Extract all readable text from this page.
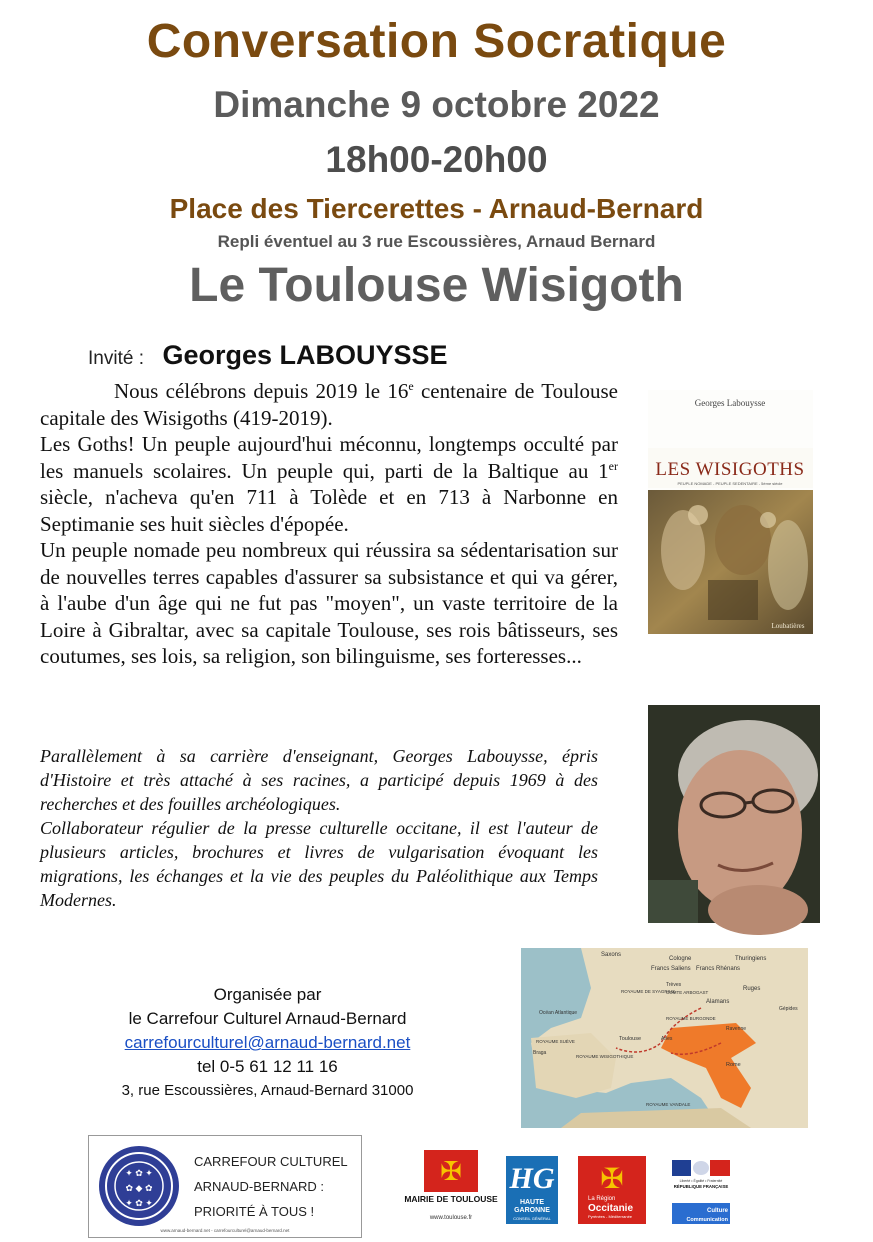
Conversation Socratique
Dimanche 9 octobre 2022
18h00-20h00
Place des Tiercerettes - Arnaud-Bernard
Repli éventuel au 3 rue Escoussières, Arnaud Bernard
Le Toulouse Wisigoth
Invité : Georges LABOUYSSE

Nous célébrons depuis 2019 le 16e centenaire de Toulouse capitale des Wisigoths (419-2019).

Les Goths! Un peuple aujourd'hui méconnu, longtemps occulté par les manuels scolaires. Un peuple qui, parti de la Baltique au 1er siècle, n'acheva qu'en 711 à Tolède et en 713 à Narbonne en Septimanie ses huit siècles d'épopée.

Un peuple nomade peu nombreux qui réussira sa sédentarisation sur de nouvelles terres capables d'assurer sa subsistance et qui va gérer, à l'aube d'un âge qui ne fut pas "moyen", un vaste territoire de la Loire à Gibraltar, avec sa capitale Toulouse, ses rois bâtisseurs, ses coutumes, ses lois, sa religion, son bilinguisme, ses forteresses...

Georges Labouysse
LES WISIGOTHS
PEUPLE NOMADE - PEUPLE SEDENTAIRE - 5ème siècle
Loubatières

Parallèlement à sa carrière d'enseignant, Georges Labouysse, épris d'Histoire et très attaché à ses racines, a participé depuis 1969 à des recherches et des fouilles archéologiques.

Collaborateur régulier de la presse culturelle occitane, il est l'auteur de plusieurs articles, brochures et livres de vulgarisation évoquant les migrations, les échanges et la vie des peuples du Paléolithique aux Temps Modernes.

Organisée par
le Carrefour Culturel Arnaud-Bernard
carrefourculturel@arnaud-bernard.net
tel 0-5 61 12 11 16
3, rue Escoussières, Arnaud-Bernard 31000
Saxons
Cologne	Thuringiens
Francs Saliens Francs Rhénans
Trèves
ROYAUME DE SYAGRIUS
COMTE ARBOGAST
Alamans
Ruges
Océan Atlantique
ROYAUME BURGONDE
Ravenne
Gépides
ROYAUME SUÈVE	Toulouse	Arles
Braga
ROYAUME WISIGOTHIQUE
Rome
ROYAUME VANDALE
✦ ✿ ✦
✿ ◆ ✿
✦ ✿ ✦
CARREFOUR CULTUREL
ARNAUD-BERNARD :
PRIORITÉ À TOUS !
www.arnaud-bernard.net - carrefourculturel@arnaud-bernard.net
✠
MAIRIE DE TOULOUSE
www.toulouse.fr
HG
HAUTE
GARONNE
CONSEIL GÉNÉRAL
✠
La Région
Occitanie
Pyrénées - Méditerranée
Liberté • Égalité • Fraternité
RÉPUBLIQUE FRANÇAISE
Culture
Communication
